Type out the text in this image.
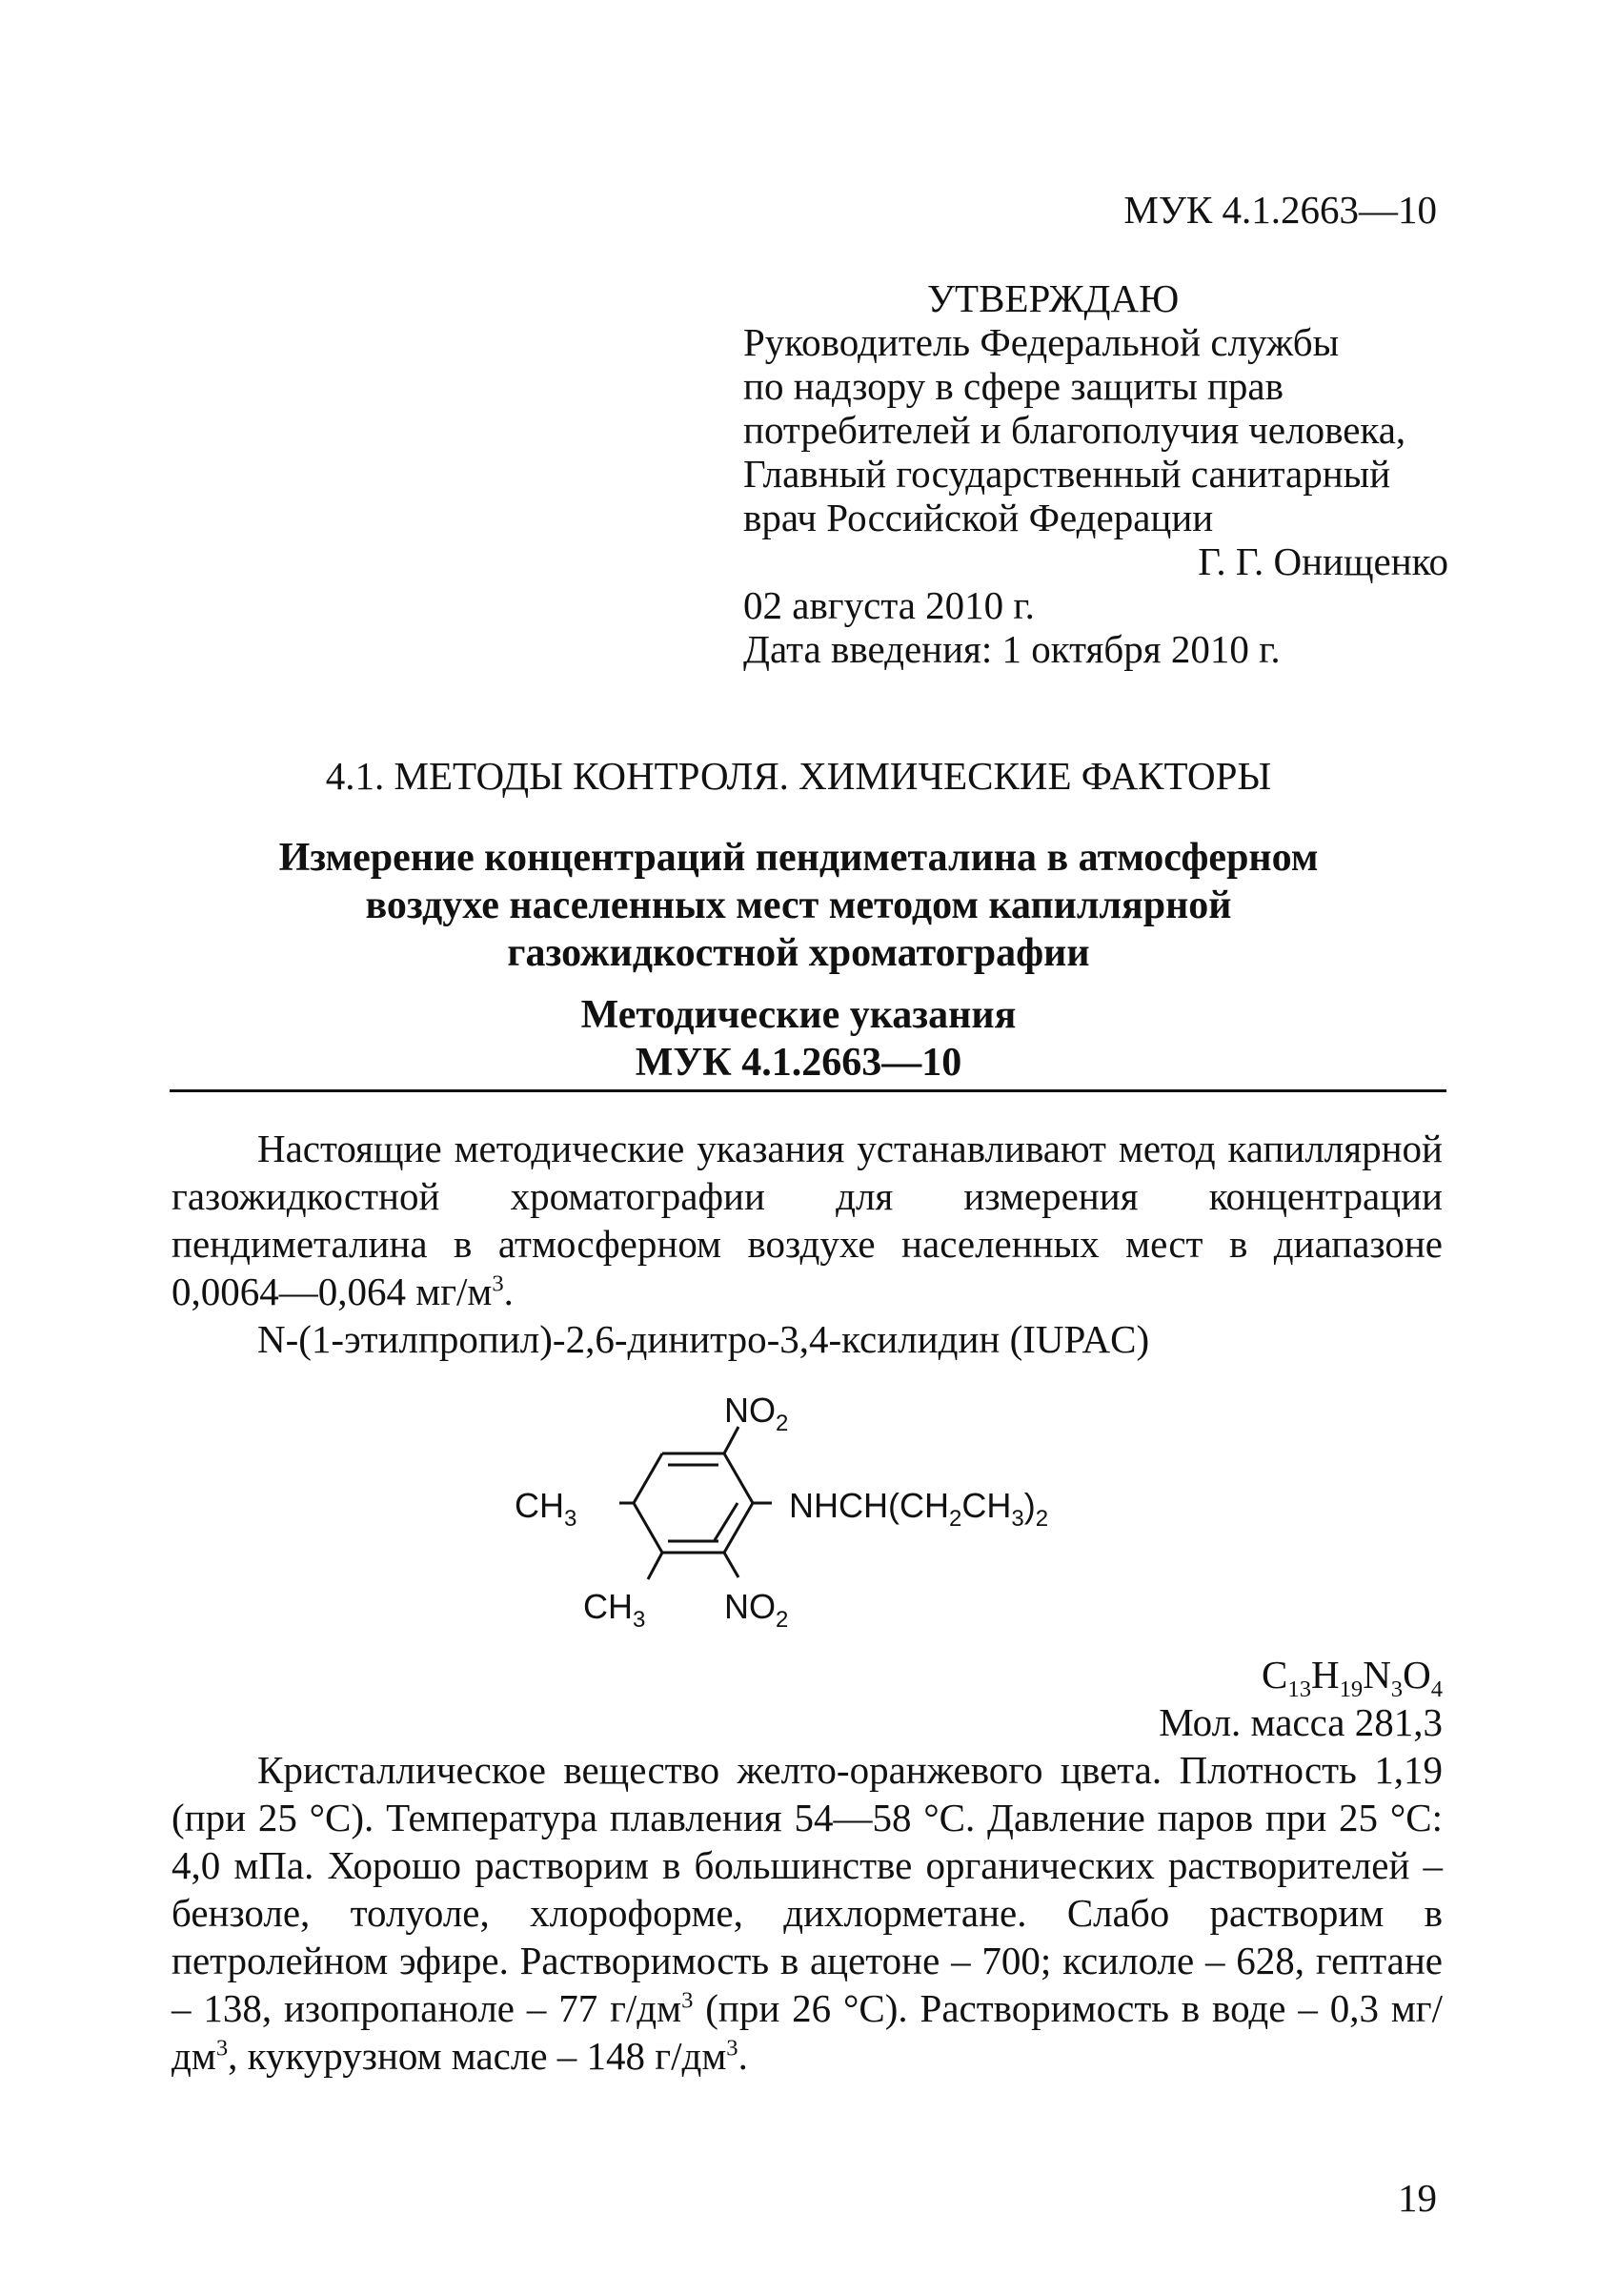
МУК 4.1.2663—10
УТВЕРЖДАЮ
Руководитель Федеральной службы
по надзору в сфере защиты прав
потребителей и благополучия человека,
Главный государственный санитарный
врач Российской Федерации
Г. Г. Онищенко
02 августа 2010 г.
Дата введения: 1 октября 2010 г.
4.1. МЕТОДЫ КОНТРОЛЯ. ХИМИЧЕСКИЕ ФАКТОРЫ
Измерение концентраций пендиметалина в атмосферном
воздухе населенных мест методом капиллярной
газожидкостной хроматографии
Методические указания
МУК 4.1.2663—10

Настоящие методические указания устанавливают метод капиллярной газожидкостной хроматографии для измерения концентрации пендиметалина в атмосферном воздухе населенных мест в диапазоне 0,0064—0,064 $мг/м^3$.

N-(1-этилпропил)-2,6-динитро-3,4-ксилидин (IUPAC)

$NO_2$
$CH_3$	$NHCH(CH_2CH_3)_2$
$CH_3$ $NO_2$

$C_{13}H_{19}N_3O_4$

Мол. масса 281,3

Кристаллическое вещество желто-оранжевого цвета. Плотность 1,19 (при 25 °С). Температура плавления 54—58 °С. Давление паров при 25 °С: 4,0 мПа. Хорошо растворим в большинстве органических растворителей – бензоле, толуоле, хлороформе, дихлорметане. Слабо растворим в петролейном эфире. Растворимость в ацетоне – 700; ксилоле – 628, гептане – 138, изопропаноле – 77 $г/дм^3$ (при 26 °С). Растворимость в воде – 0,3 $мг/дм^3$, кукурузном масле – 148 $г/дм^3$.

19
